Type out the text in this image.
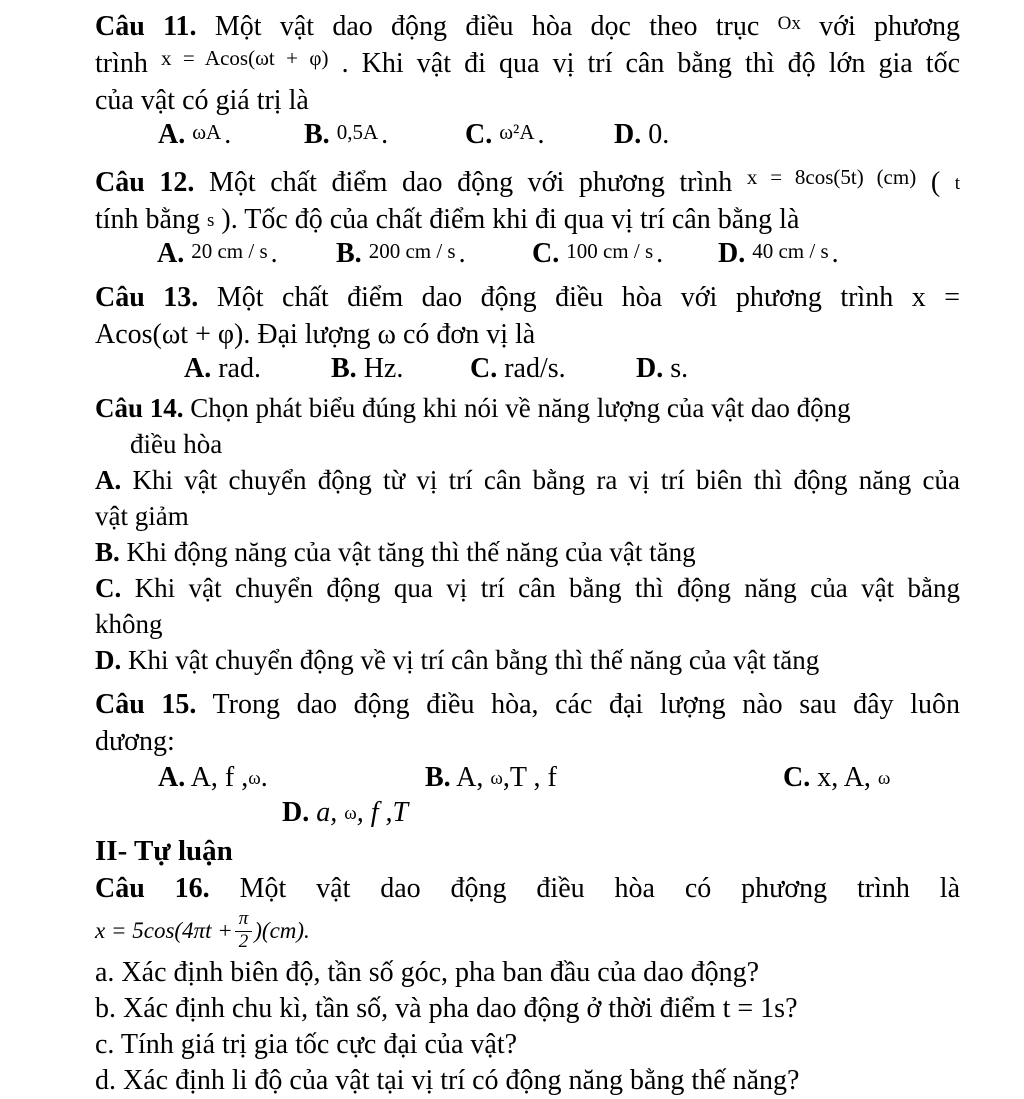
Câu 11. Một vật dao động điều hòa dọc theo trục $^{Ox}$ với phương

trình $^{x = Acos(\omega t + \varphi)}$ . Khi vật đi qua vị trí cân bằng thì độ lớn gia tốc

của vật có giá trị là

A. ωA .	B. 0,5A .	C. ω²A . D. 0.

Câu 12. Một chất điểm dao động với phương trình $^{x = 8cos(5t) (cm)}$ ( t

tính bằng s ). Tốc độ của chất điểm khi đi qua vị trí cân bằng là

A. 20 cm / s . B. 200 cm / s . C. 100 cm / s . D. 40 cm / s .

Câu 13. Một chất điểm dao động điều hòa với phương trình x =

Acos(ωt + φ). Đại lượng ω có đơn vị là

A. rad.	B. Hz. C. rad/s.	D. s.

Câu 14. Chọn phát biểu đúng khi nói về năng lượng của vật dao động

điều hòa

A. Khi vật chuyển động từ vị trí cân bằng ra vị trí biên thì động năng của

vật giảm

B. Khi động năng của vật tăng thì thế năng của vật tăng

C. Khi vật chuyển động qua vị trí cân bằng thì động năng của vật bằng

không

D. Khi vật chuyển động về vị trí cân bằng thì thế năng của vật tăng

Câu 15. Trong dao động điều hòa, các đại lượng nào sau đây luôn

dương:

A. A, f ,ω.	B. A, ω,T , f	C. x, A, ω
D. a, ω, f ,T

II- Tự luận

Câu 16. Một vật dao động điều hòa có phương trình là

$x = 5\cos(4\pi t + \frac{\pi}{2} )(cm)$.

a. Xác định biên độ, tần số góc, pha ban đầu của dao động?

b. Xác định chu kì, tần số, và pha dao động ở thời điểm t = 1s?

c. Tính giá trị gia tốc cực đại của vật?

d. Xác định li độ của vật tại vị trí có động năng bằng thế năng?
